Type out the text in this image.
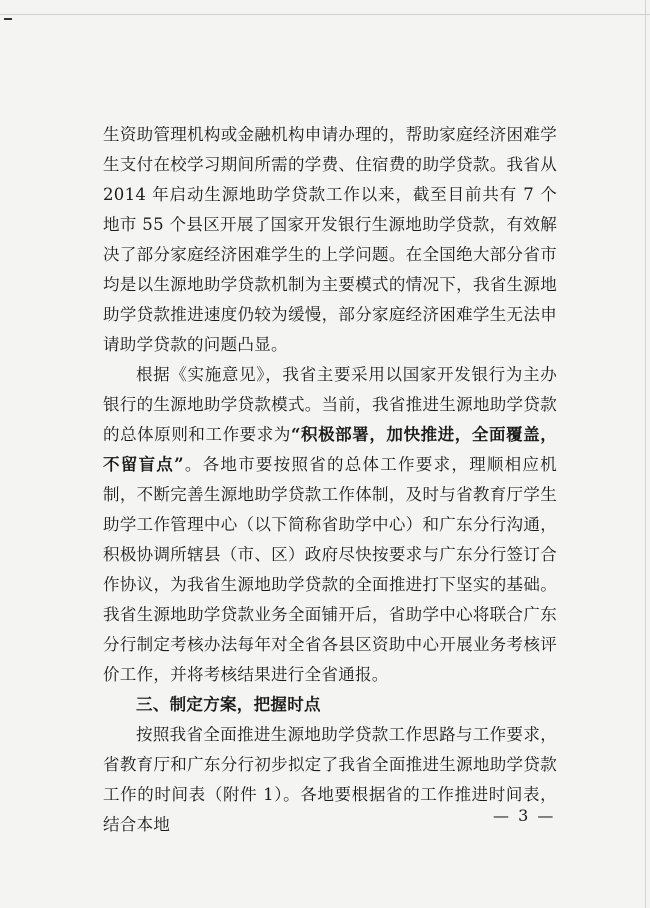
生资助管理机构或金融机构申请办理的，帮助家庭经济困难学生支付在校学习期间所需的学费、住宿费的助学贷款。我省从 2014 年启动生源地助学贷款工作以来，截至目前共有 7 个地市 55 个县区开展了国家开发银行生源地助学贷款，有效解决了部分家庭经济困难学生的上学问题。在全国绝大部分省市均是以生源地助学贷款机制为主要模式的情况下，我省生源地助学贷款推进速度仍较为缓慢，部分家庭经济困难学生无法申请助学贷款的问题凸显。

根据《实施意见》，我省主要采用以国家开发银行为主办银行的生源地助学贷款模式。当前，我省推进生源地助学贷款的总体原则和工作要求为“积极部署，加快推进，全面覆盖，不留盲点”。各地市要按照省的总体工作要求，理顺相应机制，不断完善生源地助学贷款工作体制，及时与省教育厅学生助学工作管理中心（以下简称省助学中心）和广东分行沟通，积极协调所辖县（市、区）政府尽快按要求与广东分行签订合作协议，为我省生源地助学贷款的全面推进打下坚实的基础。我省生源地助学贷款业务全面铺开后，省助学中心将联合广东分行制定考核办法每年对全省各县区资助中心开展业务考核评价工作，并将考核结果进行全省通报。

三、制定方案，把握时点

按照我省全面推进生源地助学贷款工作思路与工作要求，省教育厅和广东分行初步拟定了我省全面推进生源地助学贷款工作的时间表（附件 1）。各地要根据省的工作推进时间表，结合本地	— 3 —
